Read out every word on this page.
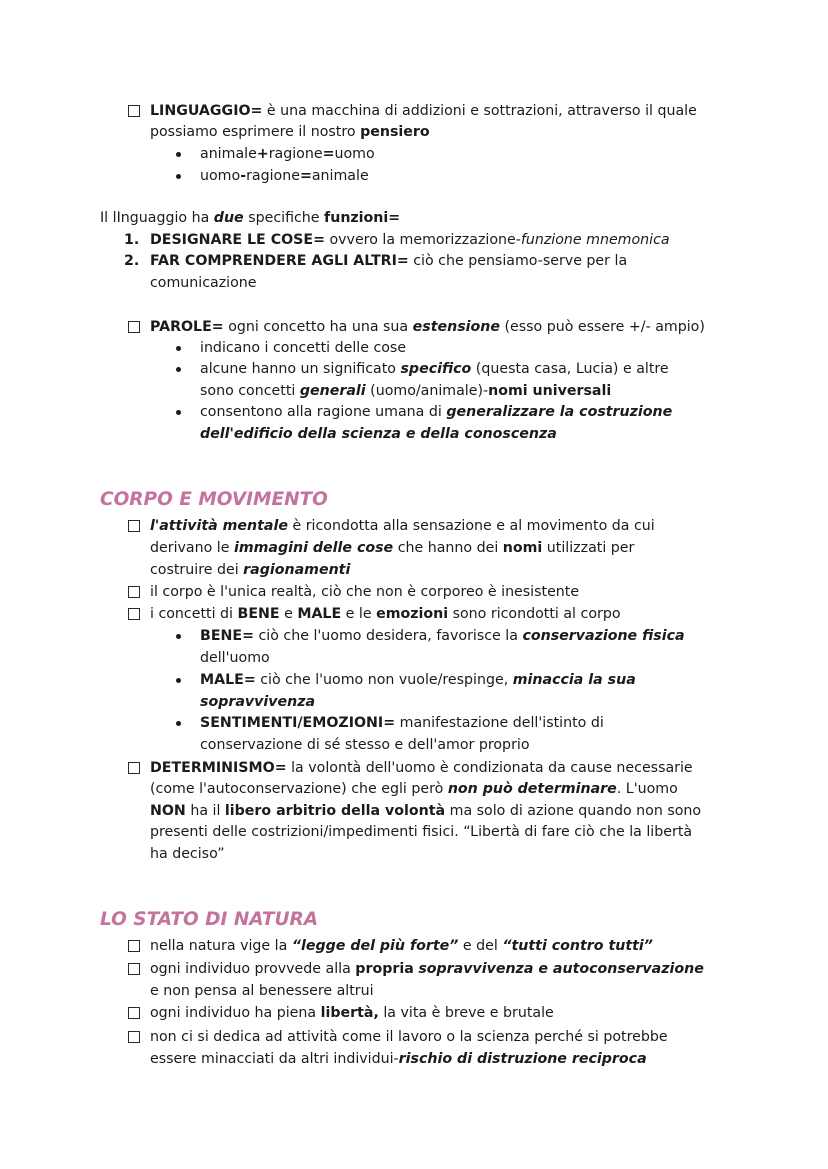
LINGUAGGIO= è una macchina di addizioni e sottrazioni, attraverso il quale
possiamo esprimere il nostro pensiero
animale+ragione=uomo
uomo-ragione=animale
Il lInguaggio ha due specifiche funzioni=
1. DESIGNARE LE COSE= ovvero la memorizzazione-funzione mnemonica
2. FAR COMPRENDERE AGLI ALTRI= ciò che pensiamo-serve per la
comunicazione
PAROLE= ogni concetto ha una sua estensione (esso può essere +/- ampio)
indicano i concetti delle cose
alcune hanno un significato specifico (questa casa, Lucia) e altre
sono concetti generali (uomo/animale)-nomi universali
consentono alla ragione umana di generalizzare la costruzione
dell'edificio della scienza e della conoscenza
CORPO E MOVIMENTO
l'attività mentale è ricondotta alla sensazione e al movimento da cui
derivano le immagini delle cose che hanno dei nomi utilizzati per
costruire dei ragionamenti
il corpo è l'unica realtà, ciò che non è corporeo è inesistente
i concetti di BENE e MALE e le emozioni sono ricondotti al corpo
BENE= ciò che l'uomo desidera, favorisce la conservazione fisica
dell'uomo
MALE= ciò che l'uomo non vuole/respinge, minaccia la sua
sopravvivenza
SENTIMENTI/EMOZIONI= manifestazione dell'istinto di
conservazione di sé stesso e dell'amor proprio
DETERMINISMO= la volontà dell'uomo è condizionata da cause necessarie
(come l'autoconservazione) che egli però non può determinare. L'uomo
NON ha il libero arbitrio della volontà ma solo di azione quando non sono
presenti delle costrizioni/impedimenti fisici. “Libertà di fare ciò che la libertà
ha deciso”
LO STATO DI NATURA
nella natura vige la “legge del più forte” e del “tutti contro tutti”
ogni individuo provvede alla propria sopravvivenza e autoconservazione
e non pensa al benessere altrui
ogni individuo ha piena libertà, la vita è breve e brutale
non ci si dedica ad attività come il lavoro o la scienza perché si potrebbe
essere minacciati da altri individui-rischio di distruzione reciproca
